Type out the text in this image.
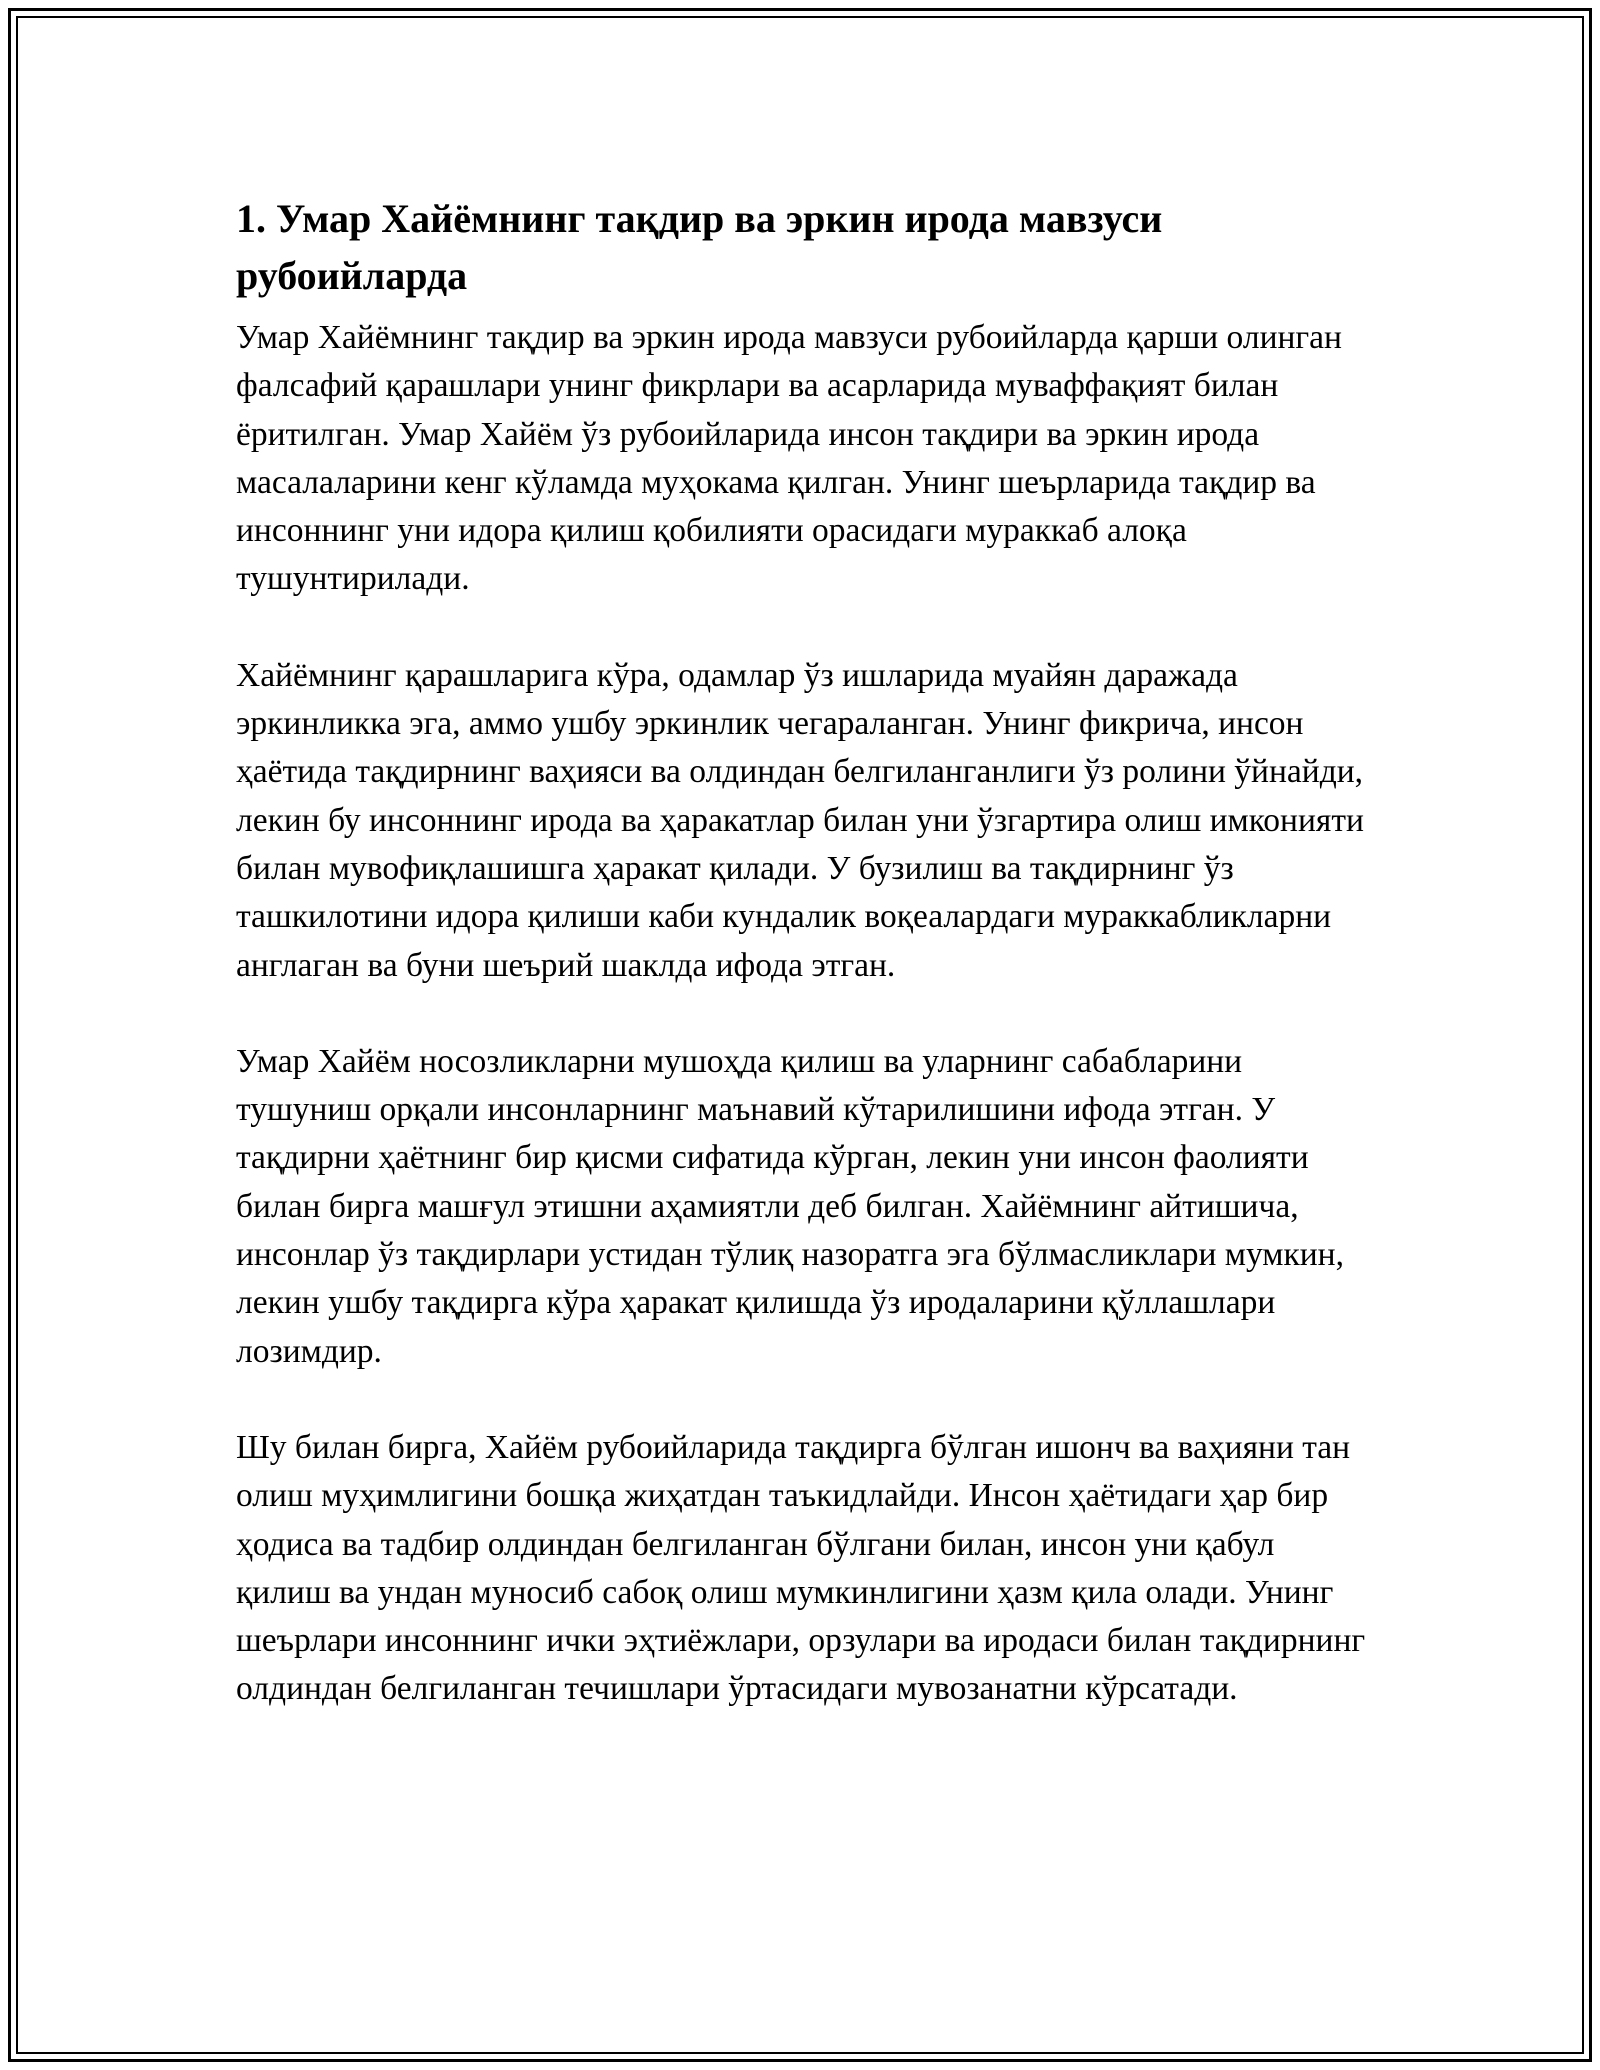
1. Умар Хайёмнинг тақдир ва эркин ирода мавзуси рубоийларда

Умар Хайёмнинг тақдир ва эркин ирода мавзуси рубоийларда қарши олинган фалсафий қарашлари унинг фикрлари ва асарларида муваффақият билан ёритилган. Умар Хайём ўз рубоийларида инсон тақдири ва эркин ирода масалаларини кенг кўламда муҳокама қилган. Унинг шеърларида тақдир ва инсоннинг уни идора қилиш қобилияти орасидаги мураккаб алоқа тушунтирилади.

Хайёмнинг қарашларига кўра, одамлар ўз ишларида муайян даражада эркинликка эга, аммо ушбу эркинлик чегараланган. Унинг фикрича, инсон ҳаётида тақдирнинг ваҳияси ва олдиндан белгиланганлиги ўз ролини ўйнайди, лекин бу инсоннинг ирода ва ҳаракатлар билан уни ўзгартира олиш имконияти билан мувофиқлашишга ҳаракат қилади. У бузилиш ва тақдирнинг ўз ташкилотини идора қилиши каби кундалик воқеалардаги мураккабликларни англаган ва буни шеърий шаклда ифода этган.

Умар Хайём носозликларни мушоҳда қилиш ва уларнинг сабабларини тушуниш орқали инсонларнинг маънавий кўтарилишини ифода этган. У тақдирни ҳаётнинг бир қисми сифатида кўрган, лекин уни инсон фаолияти билан бирга машғул этишни аҳамиятли деб билган. Хайёмнинг айтишича, инсонлар ўз тақдирлари устидан тўлиқ назоратга эга бўлмасликлари мумкин, лекин ушбу тақдирга кўра ҳаракат қилишда ўз иродаларини қўллашлари лозимдир.

Шу билан бирга, Хайём рубоийларида тақдирга бўлган ишонч ва ваҳияни тан олиш муҳимлигини бошқа жиҳатдан таъкидлайди. Инсон ҳаётидаги ҳар бир ҳодиса ва тадбир олдиндан белгиланган бўлгани билан, инсон уни қабул қилиш ва ундан муносиб сабоқ олиш мумкинлигини ҳазм қила олади. Унинг шеърлари инсоннинг ички эҳтиёжлари, орзулари ва иродаси билан тақдирнинг олдиндан белгиланган течишлари ўртасидаги мувозанатни кўрсатади.
